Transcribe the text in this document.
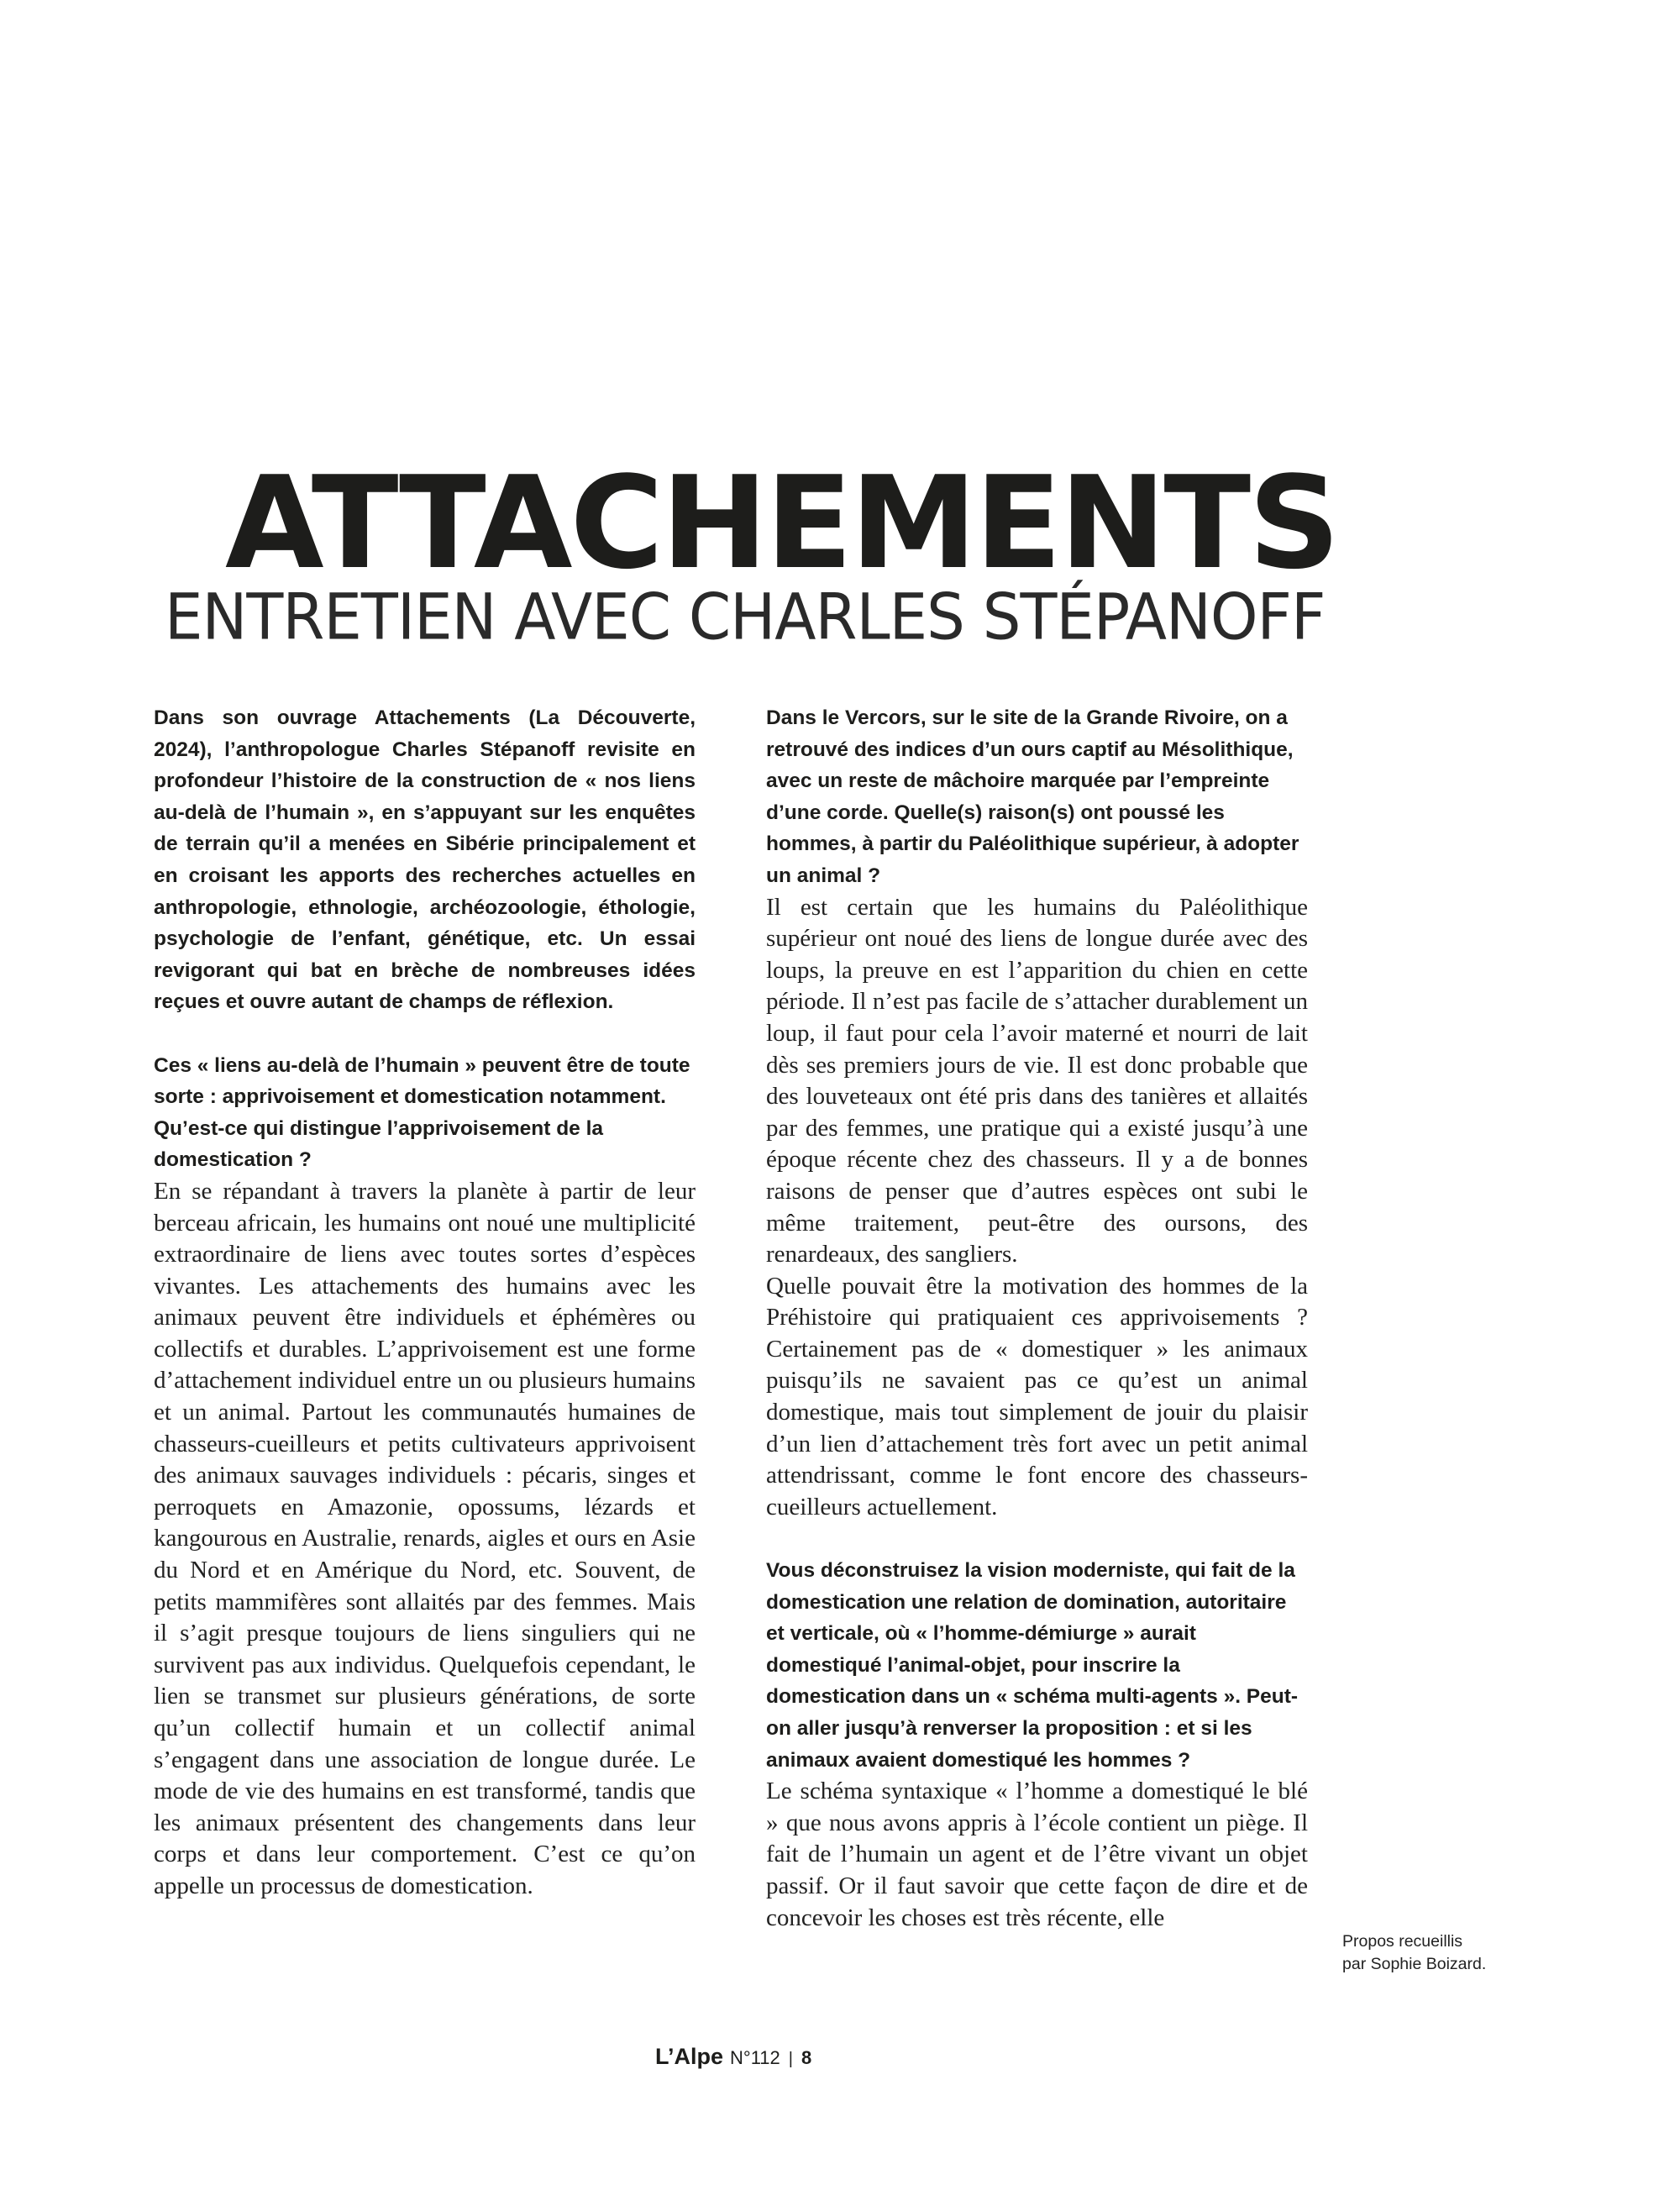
ATTACHEMENTS
ENTRETIEN AVEC CHARLES STÉPANOFF

Dans son ouvrage Attachements (La Découverte, 2024), l’anthropologue Charles Stépanoff revisite en profondeur l’histoire de la construction de « nos liens au-delà de l’humain », en s’appuyant sur les enquêtes de terrain qu’il a menées en Sibérie principalement et en croisant les apports des recherches actuelles en anthropologie, ethnologie, archéozoologie, éthologie, psychologie de l’enfant, génétique, etc. Un essai revigorant qui bat en brèche de nombreuses idées reçues et ouvre autant de champs de réflexion.

Ces « liens au-delà de l’humain » peuvent être de toute sorte : apprivoisement et domestication notamment. Qu’est-ce qui distingue l’apprivoisement de la domestication ?

En se répandant à travers la planète à partir de leur berceau africain, les humains ont noué une multiplicité extraordinaire de liens avec toutes sortes d’espèces vivantes. Les attachements des humains avec les animaux peuvent être individuels et éphémères ou collectifs et durables. L’apprivoisement est une forme d’attachement individuel entre un ou plusieurs humains et un animal. Partout les communautés humaines de chasseurs-cueilleurs et petits cultivateurs apprivoisent des animaux sauvages individuels : pécaris, singes et perroquets en Amazonie, opossums, lézards et kangourous en Australie, renards, aigles et ours en Asie du Nord et en Amérique du Nord, etc. Souvent, de petits mammifères sont allaités par des femmes. Mais il s’agit presque toujours de liens singuliers qui ne survivent pas aux individus. Quelquefois cependant, le lien se transmet sur plusieurs générations, de sorte qu’un collectif humain et un collectif animal s’engagent dans une association de longue durée. Le mode de vie des humains en est transformé, tandis que les animaux présentent des changements dans leur corps et dans leur comportement. C’est ce qu’on appelle un processus de domestication.

Dans le Vercors, sur le site de la Grande Rivoire, on a retrouvé des indices d’un ours captif au Mésolithique, avec un reste de mâchoire marquée par l’empreinte d’une corde. Quelle(s) raison(s) ont poussé les hommes, à partir du Paléolithique supérieur, à adopter un animal ?

Il est certain que les humains du Paléolithique supérieur ont noué des liens de longue durée avec des loups, la preuve en est l’apparition du chien en cette période. Il n’est pas facile de s’attacher durablement un loup, il faut pour cela l’avoir materné et nourri de lait dès ses premiers jours de vie. Il est donc probable que des louveteaux ont été pris dans des tanières et allaités par des femmes, une pratique qui a existé jusqu’à une époque récente chez des chasseurs. Il y a de bonnes raisons de penser que d’autres espèces ont subi le même traitement, peut-être des oursons, des renardeaux, des sangliers.

Quelle pouvait être la motivation des hommes de la Préhistoire qui pratiquaient ces apprivoisements ? Certainement pas de « domestiquer » les animaux puisqu’ils ne savaient pas ce qu’est un animal domestique, mais tout simplement de jouir du plaisir d’un lien d’attachement très fort avec un petit animal attendrissant, comme le font encore des chasseurs-cueilleurs actuellement.

Vous déconstruisez la vision moderniste, qui fait de la domestication une relation de domination, autoritaire et verticale, où « l’homme-démiurge » aurait domestiqué l’animal-objet, pour inscrire la domestication dans un « schéma multi-agents ». Peut-on aller jusqu’à renverser la proposition : et si les animaux avaient domestiqué les hommes ?

Le schéma syntaxique « l’homme a domestiqué le blé » que nous avons appris à l’école contient un piège. Il fait de l’humain un agent et de l’être vivant un objet passif. Or il faut savoir que cette façon de dire et de concevoir les choses est très récente, elle

Propos recueillis
par Sophie Boizard.

L’Alpe N°112 | 8
